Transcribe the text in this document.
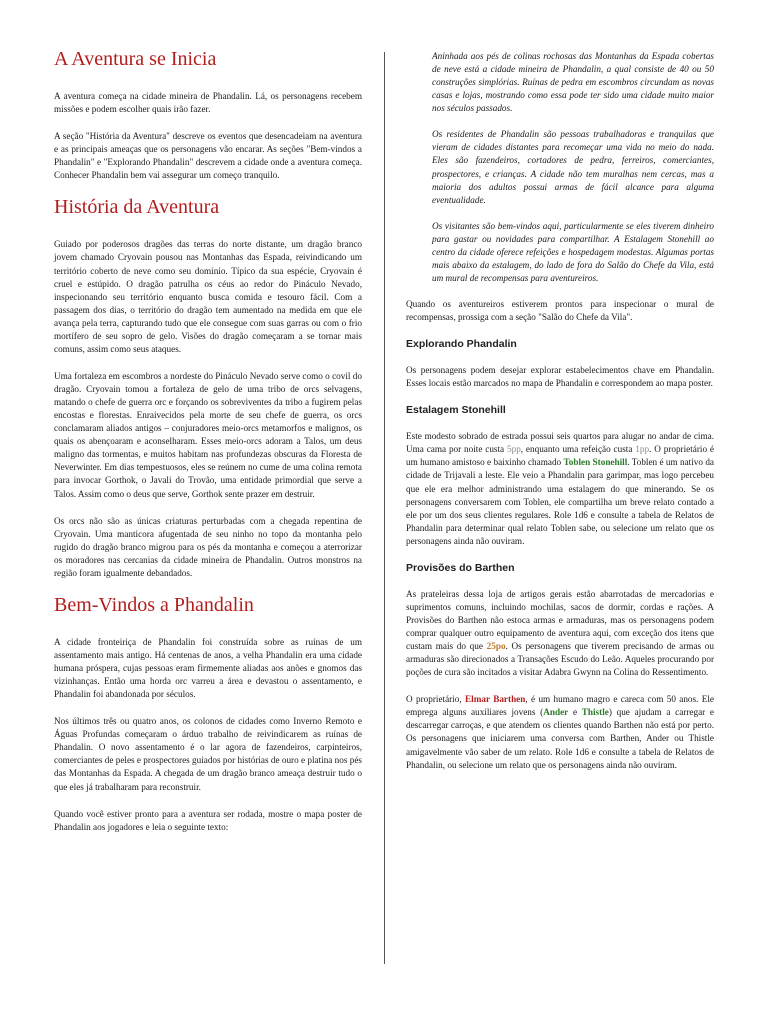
A Aventura se Inicia

A aventura começa na cidade mineira de Phandalin. Lá, os personagens recebem missões e podem escolher quais irão fazer.

A seção "História da Aventura" descreve os eventos que desencadeiam na aventura e as principais ameaças que os personagens vão encarar. As seções "Bem-vindos a Phandalin" e "Explorando Phandalin" descrevem a cidade onde a aventura começa. Conhecer Phandalin bem vai assegurar um começo tranquilo.

História da Aventura

Guiado por poderosos dragões das terras do norte distante, um dragão branco jovem chamado Cryovain pousou nas Montanhas das Espada, reivindicando um território coberto de neve como seu domínio. Típico da sua espécie, Cryovain é cruel e estúpido. O dragão patrulha os céus ao redor do Pináculo Nevado, inspecionando seu território enquanto busca comida e tesouro fácil. Com a passagem dos dias, o território do dragão tem aumentado na medida em que ele avança pela terra, capturando tudo que ele consegue com suas garras ou com o frio mortífero de seu sopro de gelo. Visões do dragão começaram a se tornar mais comuns, assim como seus ataques.

Uma fortaleza em escombros a nordeste do Pináculo Nevado serve como o covil do dragão. Cryovain tomou a fortaleza de gelo de uma tribo de orcs selvagens, matando o chefe de guerra orc e forçando os sobreviventes da tribo a fugirem pelas encostas e florestas. Enraivecidos pela morte de seu chefe de guerra, os orcs conclamaram aliados antigos – conjuradores meio-orcs metamorfos e malignos, os quais os abençoaram e aconselharam. Esses meio-orcs adoram a Talos, um deus maligno das tormentas, e muitos habitam nas profundezas obscuras da Floresta de Neverwinter. Em dias tempestuosos, eles se reúnem no cume de uma colina remota para invocar Gorthok, o Javali do Trovão, uma entidade primordial que serve a Talos. Assim como o deus que serve, Gorthok sente prazer em destruir.

Os orcs não são as únicas criaturas perturbadas com a chegada repentina de Cryovain. Uma manticora afugentada de seu ninho no topo da montanha pelo rugido do dragão branco migrou para os pés da montanha e começou a aterrorizar os moradores nas cercanias da cidade mineira de Phandalin. Outros monstros na região foram igualmente debandados.

Bem-Vindos a Phandalin

A cidade fronteiriça de Phandalin foi construída sobre as ruínas de um assentamento mais antigo. Há centenas de anos, a velha Phandalin era uma cidade humana próspera, cujas pessoas eram firmemente aliadas aos anões e gnomos das vizinhanças. Então uma horda orc varreu a área e devastou o assentamento, e Phandalin foi abandonada por séculos.

Nos últimos três ou quatro anos, os colonos de cidades como Inverno Remoto e Águas Profundas começaram o árduo trabalho de reivindicarem as ruínas de Phandalin. O novo assentamento é o lar agora de fazendeiros, carpinteiros, comerciantes de peles e prospectores guiados por histórias de ouro e platina nos pés das Montanhas da Espada. A chegada de um dragão branco ameaça destruir tudo o que eles já trabalharam para reconstruir.

Quando você estiver pronto para a aventura ser rodada, mostre o mapa poster de Phandalin aos jogadores e leia o seguinte texto:

Aninhada aos pés de colinas rochosas das Montanhas da Espada cobertas de neve está a cidade mineira de Phandalin, a qual consiste de 40 ou 50 construções simplórias. Ruínas de pedra em escombros circundam as novas casas e lojas, mostrando como essa pode ter sido uma cidade muito maior nos séculos passados.

Os residentes de Phandalin são pessoas trabalhadoras e tranquilas que vieram de cidades distantes para recomeçar uma vida no meio do nada. Eles são fazendeiros, cortadores de pedra, ferreiros, comerciantes, prospectores, e crianças. A cidade não tem muralhas nem cercas, mas a maioria dos adultos possui armas de fácil alcance para alguma eventualidade.

Os visitantes são bem-vindos aqui, particularmente se eles tiverem dinheiro para gastar ou novidades para compartilhar. A Estalagem Stonehill ao centro da cidade oferece refeições e hospedagem modestas. Algumas portas mais abaixo da estalagem, do lado de fora do Salão do Chefe da Vila, está um mural de recompensas para aventureiros.

Quando os aventureiros estiverem prontos para inspecionar o mural de recompensas, prossiga com a seção "Salão do Chefe da Vila".

Explorando Phandalin

Os personagens podem desejar explorar estabelecimentos chave em Phandalin. Esses locais estão marcados no mapa de Phandalin e correspondem ao mapa poster.

Estalagem Stonehill

Este modesto sobrado de estrada possui seis quartos para alugar no andar de cima. Uma cama por noite custa 5pp, enquanto uma refeição custa 1pp. O proprietário é um humano amistoso e baixinho chamado Toblen Stonehill. Toblen é um nativo da cidade de Trijavali a leste. Ele veio a Phandalin para garimpar, mas logo percebeu que ele era melhor administrando uma estalagem do que minerando. Se os personagens conversarem com Toblen, ele compartilha um breve relato contado a ele por um dos seus clientes regulares. Role 1d6 e consulte a tabela de Relatos de Phandalin para determinar qual relato Toblen sabe, ou selecione um relato que os personagens ainda não ouviram.

Provisões do Barthen

As prateleiras dessa loja de artigos gerais estão abarrotadas de mercadorias e suprimentos comuns, incluindo mochilas, sacos de dormir, cordas e rações. A Provisões do Barthen não estoca armas e armaduras, mas os personagens podem comprar qualquer outro equipamento de aventura aqui, com exceção dos itens que custam mais do que 25po. Os personagens que tiverem precisando de armas ou armaduras são direcionados a Transações Escudo do Leão. Aqueles procurando por poções de cura são incitados a visitar Adabra Gwynn na Colina do Ressentimento.

O proprietário, Elmar Barthen, é um humano magro e careca com 50 anos. Ele emprega alguns auxiliares jovens (Ander e Thistle) que ajudam a carregar e descarregar carroças, e que atendem os clientes quando Barthen não está por perto. Os personagens que iniciarem uma conversa com Barthen, Ander ou Thistle amigavelmente vão saber de um relato. Role 1d6 e consulte a tabela de Relatos de Phandalin, ou selecione um relato que os personagens ainda não ouviram.
